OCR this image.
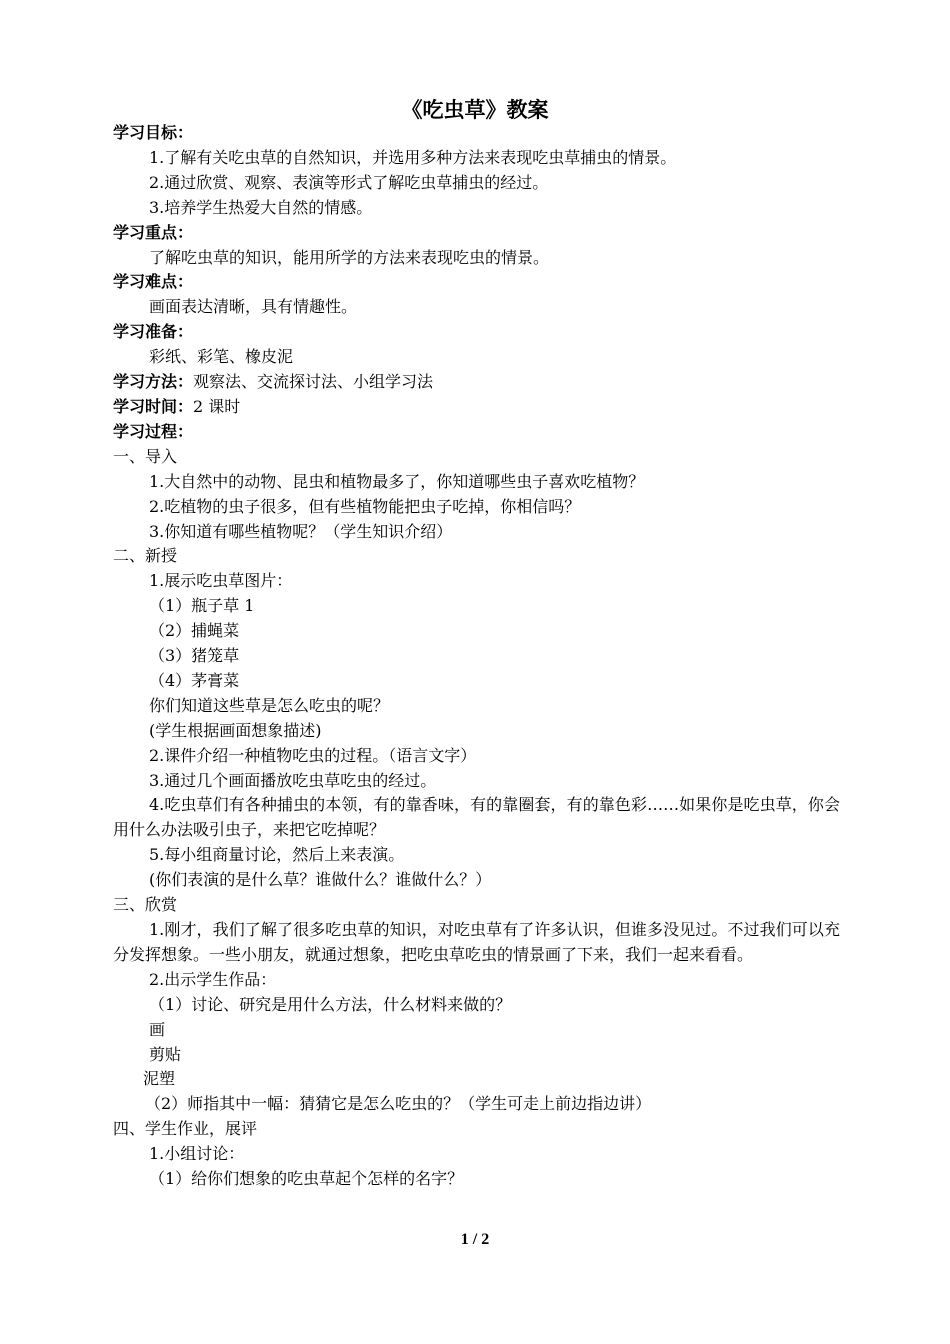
《吃虫草》教案

学习目标：

1.了解有关吃虫草的自然知识，并选用多种方法来表现吃虫草捕虫的情景。

2.通过欣赏、观察、表演等形式了解吃虫草捕虫的经过。

3.培养学生热爱大自然的情感。

学习重点：

了解吃虫草的知识，能用所学的方法来表现吃虫的情景。

学习难点：

画面表达清晰，具有情趣性。

学习准备：

彩纸、彩笔、橡皮泥

学习方法：观察法、交流探讨法、小组学习法

学习时间：2 课时

学习过程：

一、导入

1.大自然中的动物、昆虫和植物最多了，你知道哪些虫子喜欢吃植物？

2.吃植物的虫子很多，但有些植物能把虫子吃掉，你相信吗？

3.你知道有哪些植物呢？（学生知识介绍）

二、新授

1.展示吃虫草图片：

（1）瓶子草 1

（2）捕蝇菜

（3）猪笼草

（4）茅膏菜

你们知道这些草是怎么吃虫的呢？

(学生根据画面想象描述)

2.课件介绍一种植物吃虫的过程。（语言文字）

3.通过几个画面播放吃虫草吃虫的经过。

4.吃虫草们有各种捕虫的本领，有的靠香味，有的靠圈套，有的靠色彩……如果你是吃虫草，你会用什么办法吸引虫子，来把它吃掉呢？

5.每小组商量讨论，然后上来表演。

(你们表演的是什么草？谁做什么？谁做什么？）

三、欣赏

1.刚才，我们了解了很多吃虫草的知识，对吃虫草有了许多认识，但谁多没见过。不过我们可以充分发挥想象。一些小朋友，就通过想象，把吃虫草吃虫的情景画了下来，我们一起来看看。

2.出示学生作品：

（1）讨论、研究是用什么方法，什么材料来做的？

画

剪贴

泥塑

（2）师指其中一幅：猜猜它是怎么吃虫的？（学生可走上前边指边讲）

四、学生作业，展评

1.小组讨论：

（1）给你们想象的吃虫草起个怎样的名字？

1 / 2
